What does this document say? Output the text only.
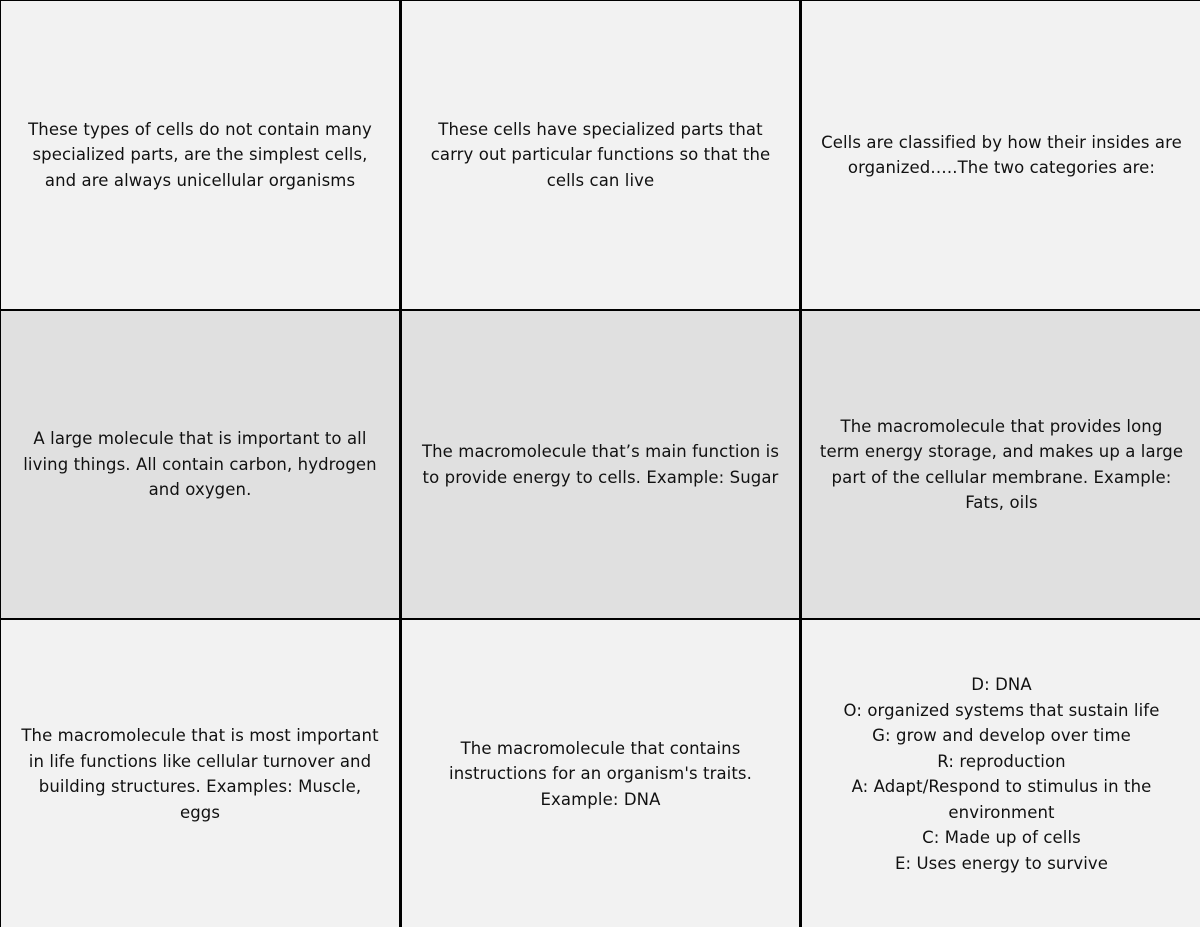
These types of cells do not contain many
specialized parts, are the simplest cells,
and are always unicellular organisms
These cells have specialized parts that
carry out particular functions so that the
cells can live
Cells are classified by how their insides are
organized…..The two categories are:
A large molecule that is important to all
living things. All contain carbon, hydrogen
and oxygen.
The macromolecule that’s main function is
to provide energy to cells. Example: Sugar
The macromolecule that provides long
term energy storage, and makes up a large
part of the cellular membrane. Example:
Fats, oils
The macromolecule that is most important
in life functions like cellular turnover and
building structures. Examples: Muscle,
eggs
The macromolecule that contains
instructions for an organism's traits.
Example: DNA
D: DNA
O: organized systems that sustain life
G: grow and develop over time
R: reproduction
A: Adapt/Respond to stimulus in the
environment
C: Made up of cells
E: Uses energy to survive
